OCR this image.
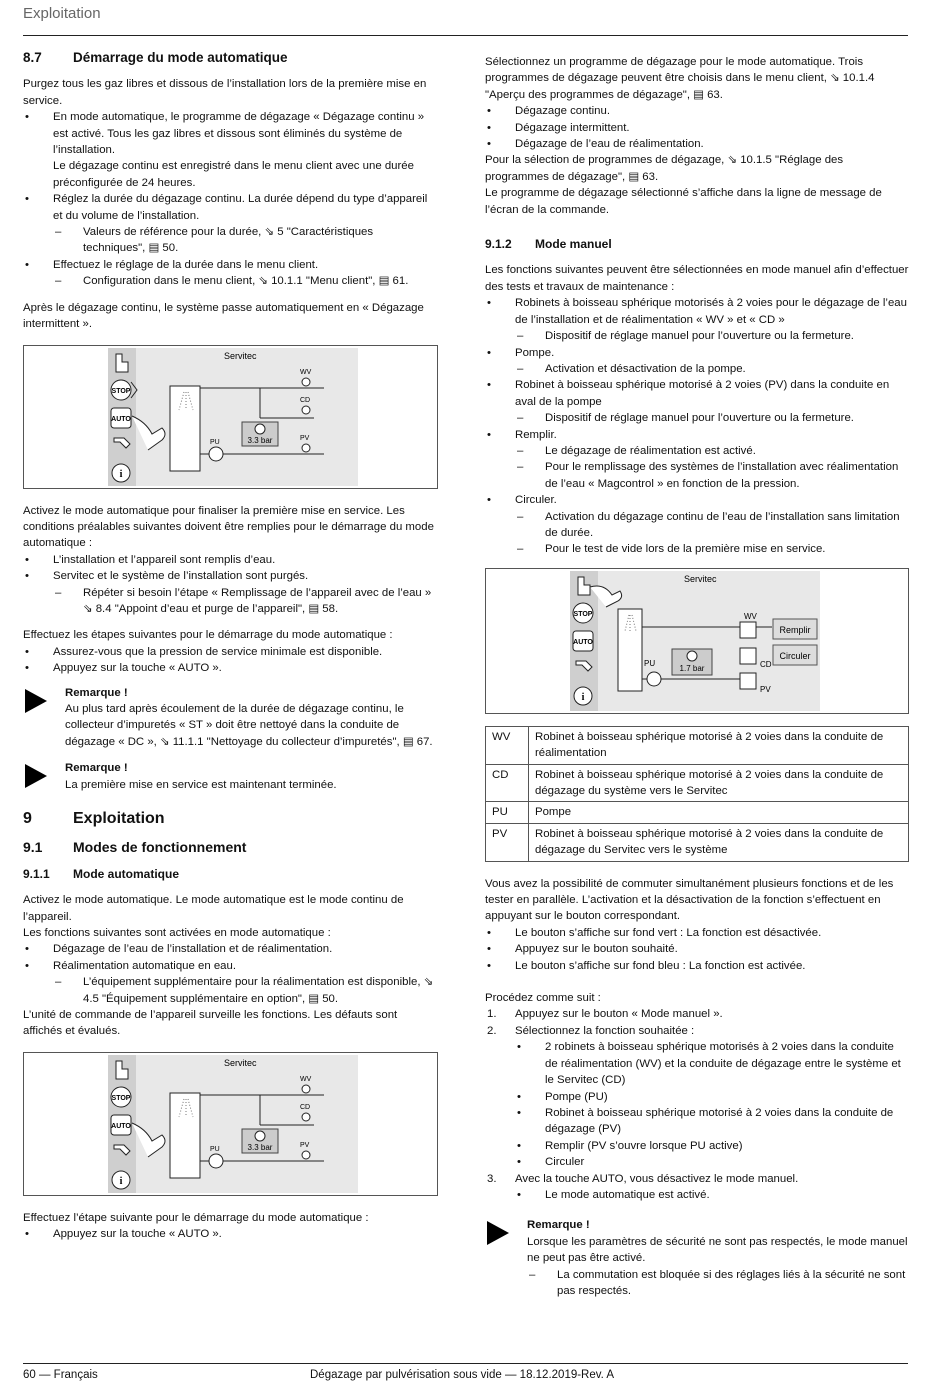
Exploitation
8.7 Démarrage du mode automatique

Purgez tous les gaz libres et dissous de l’installation lors de la première mise en service.

• En mode automatique, le programme de dégazage « Dégazage continu » est activé. Tous les gaz libres et dissous sont éliminés du système de l’installation.
Le dégazage continu est enregistré dans le menu client avec une durée préconfigurée de 24 heures.
• Réglez la durée du dégazage continu. La durée dépend du type d’appareil et du volume de l’installation.
– Valeurs de référence pour la durée, ⇘ 5 "Caractéristiques techniques", ▤ 50.
• Effectuez le réglage de la durée dans le menu client.
– Configuration dans le menu client, ⇘ 10.1.1 "Menu client", ▤ 61.

Après le dégazage continu, le système passe automatiquement en « Dégazage intermittent ».

STOP
AUTO
i
Servitec
WV
CD
PV
PU	3.3 bar

Activez le mode automatique pour finaliser la première mise en service. Les conditions préalables suivantes doivent être remplies pour le démarrage du mode automatique :

• L’installation et l’appareil sont remplis d’eau.
• Servitec et le système de l’installation sont purgés.
– Répéter si besoin l’étape « Remplissage de l’appareil avec de l’eau » ⇘ 8.4 "Appoint d’eau et purge de l’appareil", ▤ 58.

Effectuez les étapes suivantes pour le démarrage du mode automatique :

• Assurez-vous que la pression de service minimale est disponible.
• Appuyez sur la touche « AUTO ».
Remarque !
Au plus tard après écoulement de la durée de dégazage continu, le collecteur d’impuretés « ST » doit être nettoyé dans la conduite de dégazage « DC », ⇘ 11.1.1 "Nettoyage du collecteur d’impuretés", ▤ 67.
Remarque !
La première mise en service est maintenant terminée.
9	Exploitation
9.1 Modes de fonctionnement
9.1.1 Mode automatique

Activez le mode automatique. Le mode automatique est le mode continu de l’appareil.

Les fonctions suivantes sont activées en mode automatique :

• Dégazage de l’eau de l’installation et de réalimentation.
• Réalimentation automatique en eau.
– L’équipement supplémentaire pour la réalimentation est disponible, ⇘ 4.5 "Équipement supplémentaire en option", ▤ 50.

L’unité de commande de l’appareil surveille les fonctions. Les défauts sont affichés et évalués.

STOP
AUTO
i
Servitec
WV
CD
PV
PU	3.3 bar

Effectuez l’étape suivante pour le démarrage du mode automatique :

• Appuyez sur la touche « AUTO ».

Sélectionnez un programme de dégazage pour le mode automatique. Trois programmes de dégazage peuvent être choisis dans le menu client, ⇘ 10.1.4 "Aperçu des programmes de dégazage", ▤ 63.

• Dégazage continu.
• Dégazage intermittent.
• Dégazage de l’eau de réalimentation.

Pour la sélection de programmes de dégazage, ⇘ 10.1.5 "Réglage des programmes de dégazage", ▤ 63.

Le programme de dégazage sélectionné s’affiche dans la ligne de message de l’écran de la commande.

9.1.2 Mode manuel

Les fonctions suivantes peuvent être sélectionnées en mode manuel afin d’effectuer des tests et travaux de maintenance :

• Robinets à boisseau sphérique motorisés à 2 voies pour le dégazage de l’eau de l’installation et de réalimentation « WV » et « CD »
– Dispositif de réglage manuel pour l’ouverture ou la fermeture.
• Pompe.
– Activation et désactivation de la pompe.
• Robinet à boisseau sphérique motorisé à 2 voies (PV) dans la conduite en aval de la pompe
– Dispositif de réglage manuel pour l’ouverture ou la fermeture.
• Remplir.
– Le dégazage de réalimentation est activé.
– Pour le remplissage des systèmes de l’installation avec réalimentation de l’eau « Magcontrol » en fonction de la pression.
• Circuler.
– Activation du dégazage continu de l’eau de l’installation sans limitation de durée.
– Pour le test de vide lors de la première mise en service.
STOP
AUTO
i
Servitec
PU
1.7 bar
WV
CD
PV
Remplir
Circuler
WV	Robinet à boisseau sphérique motorisé à 2 voies dans la conduite de réalimentation
CD	Robinet à boisseau sphérique motorisé à 2 voies dans la conduite de dégazage du système vers le Servitec
PU	Pompe
PV	Robinet à boisseau sphérique motorisé à 2 voies dans la conduite de dégazage du Servitec vers le système

Vous avez la possibilité de commuter simultanément plusieurs fonctions et de les tester en parallèle. L’activation et la désactivation de la fonction s’effectuent en appuyant sur le bouton correspondant.

• Le bouton s’affiche sur fond vert : La fonction est désactivée.
• Appuyez sur le bouton souhaité.
• Le bouton s’affiche sur fond bleu : La fonction est activée.

Procédez comme suit :

1. Appuyez sur le bouton « Mode manuel ».
2. Sélectionnez la fonction souhaitée :
• 2 robinets à boisseau sphérique motorisés à 2 voies dans la conduite de réalimentation (WV) et la conduite de dégazage entre le système et le Servitec (CD)
• Pompe (PU)
• Robinet à boisseau sphérique motorisé à 2 voies dans la conduite de dégazage (PV)
• Remplir (PV s’ouvre lorsque PU active)
• Circuler
3. Avec la touche AUTO, vous désactivez le mode manuel.
• Le mode automatique est activé.
Remarque !
Lorsque les paramètres de sécurité ne sont pas respectés, le mode manuel ne peut pas être activé.
– La commutation est bloquée si des réglages liés à la sécurité ne sont pas respectés.
60 — Français	Dégazage par pulvérisation sous vide — 18.12.2019-Rev. A
